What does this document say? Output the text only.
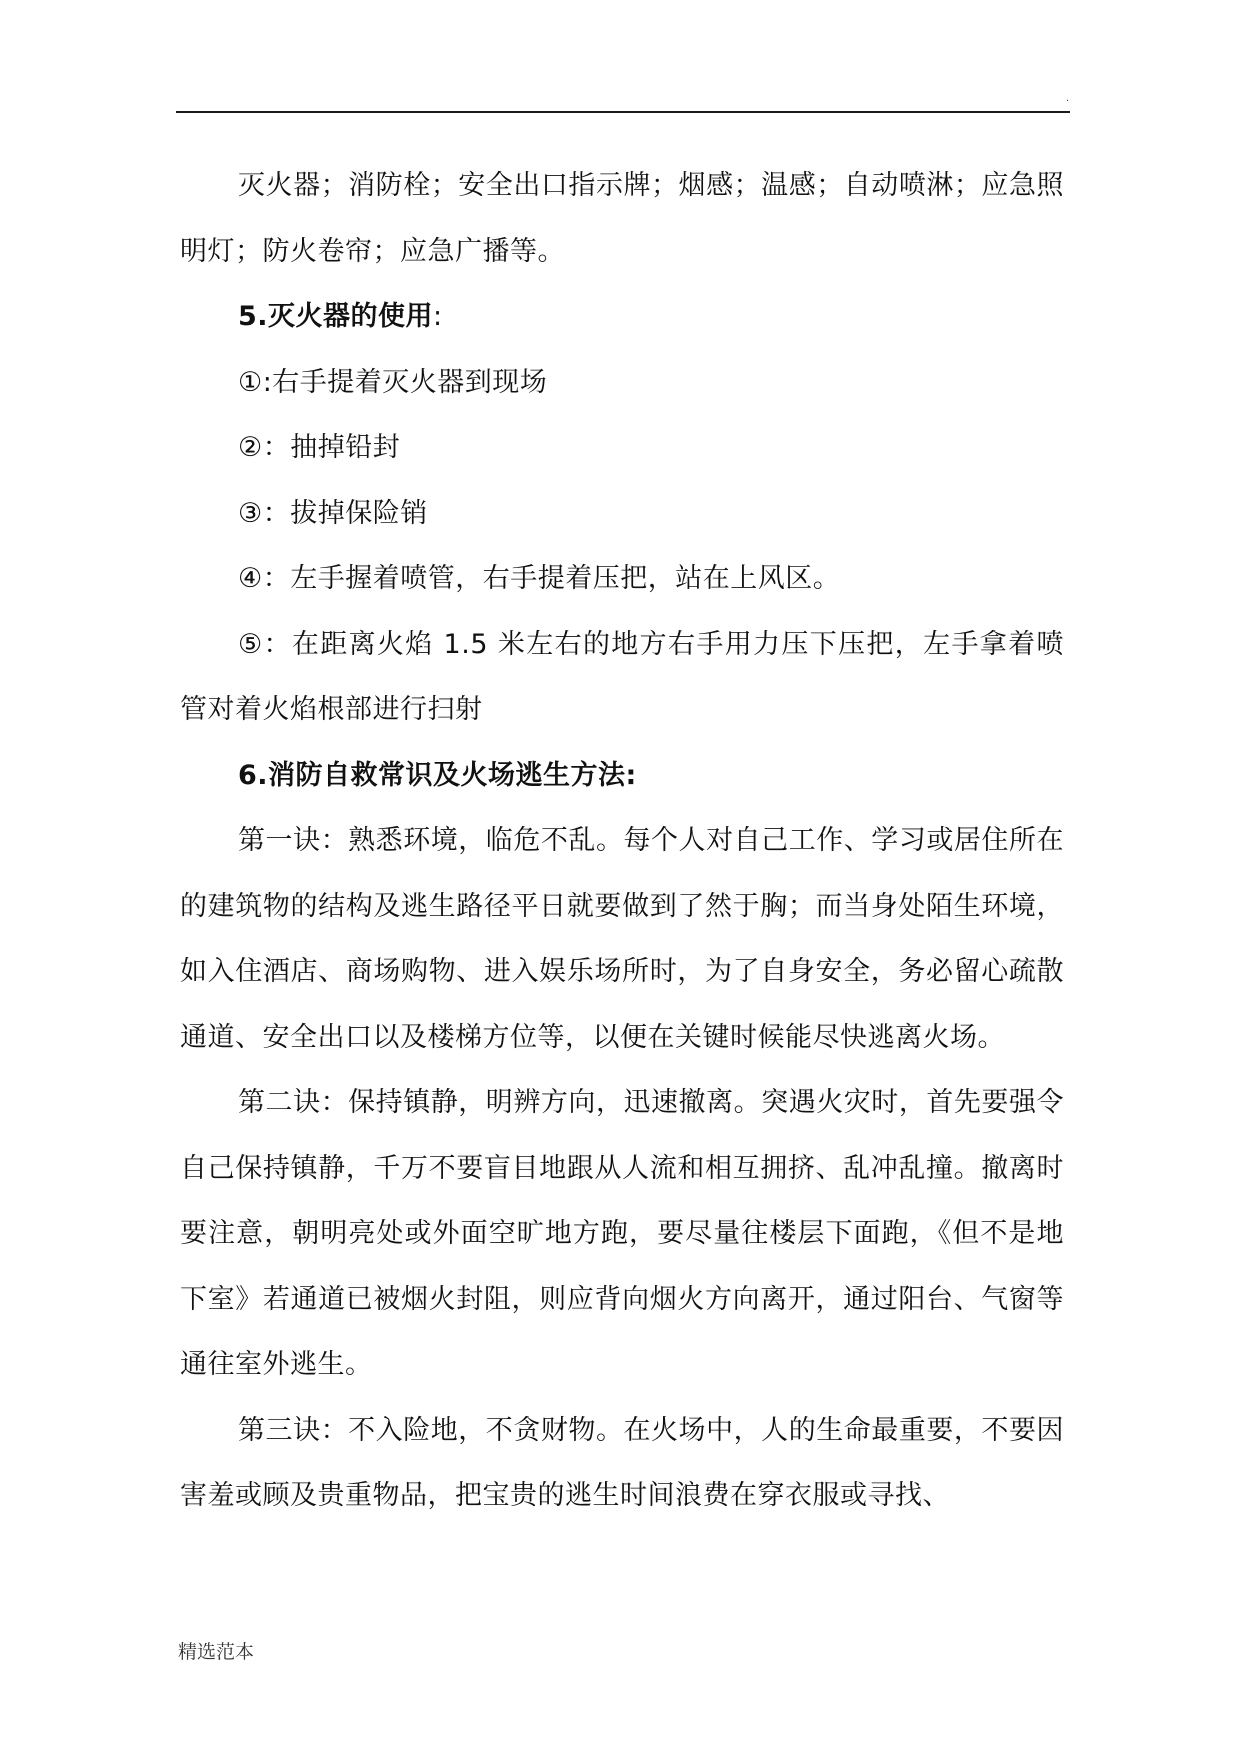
.

灭火器；消防栓；安全出口指示牌；烟感；温感；自动喷淋；应急照明灯；防火卷帘；应急广播等。

5.灭火器的使用:

①:右手提着灭火器到现场

②：抽掉铅封

③：拔掉保险销

④：左手握着喷管，右手提着压把，站在上风区。

⑤：在距离火焰 1.5 米左右的地方右手用力压下压把，左手拿着喷管对着火焰根部进行扫射

6.消防自救常识及火场逃生方法:

第一诀：熟悉环境，临危不乱。每个人对自己工作、学习或居住所在的建筑物的结构及逃生路径平日就要做到了然于胸；而当身处陌生环境，如入住酒店、商场购物、进入娱乐场所时，为了自身安全，务必留心疏散通道、安全出口以及楼梯方位等，以便在关键时候能尽快逃离火场。

第二诀：保持镇静，明辨方向，迅速撤离。突遇火灾时，首先要强令自己保持镇静，千万不要盲目地跟从人流和相互拥挤、乱冲乱撞。撤离时要注意，朝明亮处或外面空旷地方跑，要尽量往楼层下面跑，《但不是地下室》若通道已被烟火封阻，则应背向烟火方向离开，通过阳台、气窗等通往室外逃生。

第三诀：不入险地，不贪财物。在火场中，人的生命最重要，不要因害羞或顾及贵重物品，把宝贵的逃生时间浪费在穿衣服或寻找、

精选范本
